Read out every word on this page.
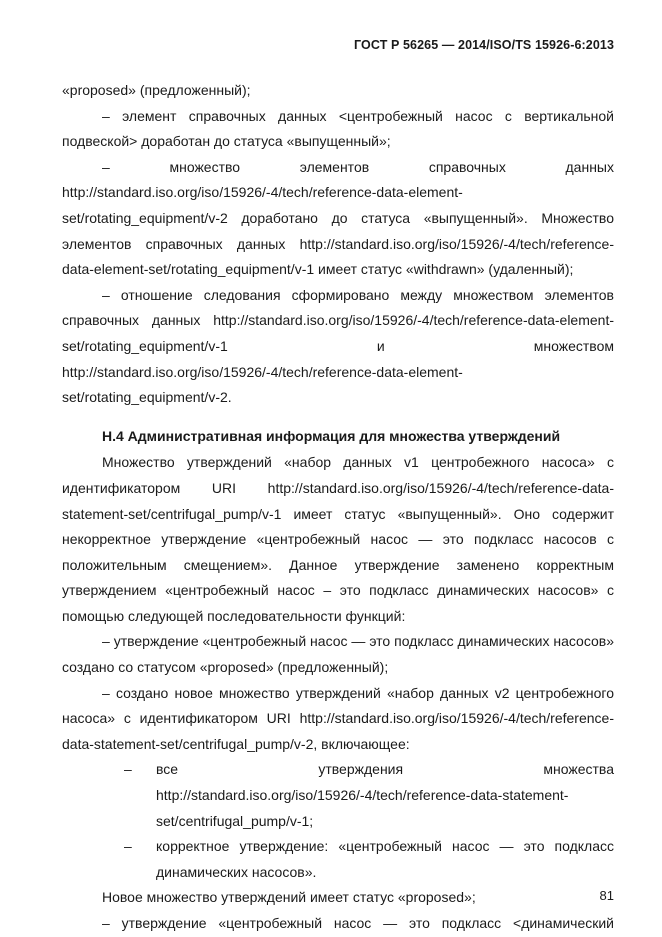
ГОСТ Р 56265 — 2014/ISO/TS 15926-6:2013

«proposed» (предложенный);

– элемент справочных данных <центробежный насос с вертикальной подвеской> доработан до статуса «выпущенный»;

– множество элементов справочных данных

http://standard.iso.org/iso/15926/-4/tech/reference-data-element-

set/rotating_equipment/v-2 доработано до статуса «выпущенный». Множество элементов справочных данных http://standard.iso.org/iso/15926/-4/tech/reference-data-element-set/rotating_equipment/v-1 имеет статус «withdrawn» (удаленный);

– отношение следования сформировано между множеством элементов справочных данных http://standard.iso.org/iso/15926/-4/tech/reference-data-element-set/rotating_equipment/v-1 и множеством http://standard.iso.org/iso/15926/-4/tech/reference-data-element-set/rotating_equipment/v-2.

Н.4 Административная информация для множества утверждений

Множество утверждений «набор данных v1 центробежного насоса» с идентификатором URI http://standard.iso.org/iso/15926/-4/tech/reference-data-statement-set/centrifugal_pump/v-1 имеет статус «выпущенный». Оно содержит некорректное утверждение «центробежный насос — это подкласс насосов с положительным смещением». Данное утверждение заменено корректным утверждением «центробежный насос – это подкласс динамических насосов» с помощью следующей последовательности функций:

– утверждение «центробежный насос — это подкласс динамических насосов» создано со статусом «proposed» (предложенный);

– создано новое множество утверждений «набор данных v2 центробежного насоса» с идентификатором URI http://standard.iso.org/iso/15926/-4/tech/reference-data-statement-set/centrifugal_pump/v-2, включающее:

–	все утверждения множества http://standard.iso.org/iso/15926/-4/tech/reference-data-statement-set/centrifugal_pump/v-1;
–	корректное утверждение: «центробежный насос — это подкласс динамических насосов».

Новое множество утверждений имеет статус «proposed»;

– утверждение «центробежный насос — это подкласс <динамический

81
